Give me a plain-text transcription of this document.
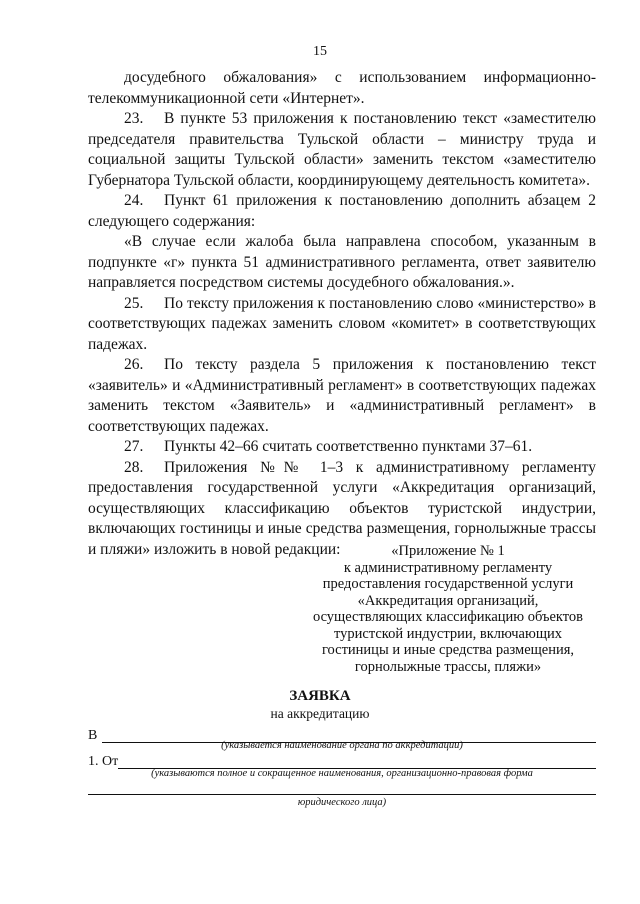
15

досудебного обжалования» с использованием информационно-телекоммуникационной сети «Интернет».

23. В пункте 53 приложения к постановлению текст «заместителю председателя правительства Тульской области – министру труда и социальной защиты Тульской области» заменить текстом «заместителю Губернатора Тульской области, координирующему деятельность комитета».

24. Пункт 61 приложения к постановлению дополнить абзацем 2 следующего содержания:

«В случае если жалоба была направлена способом, указанным в подпункте «г» пункта 51 административного регламента, ответ заявителю направляется посредством системы досудебного обжалования.».

25. По тексту приложения к постановлению слово «министерство» в соответствующих падежах заменить словом «комитет» в соответствующих падежах.

26. По тексту раздела 5 приложения к постановлению текст «заявитель» и «Административный регламент» в соответствующих падежах заменить текстом «Заявитель» и «административный регламент» в соответствующих падежах.

27. Пункты 42–66 считать соответственно пунктами 37–61.

28. Приложения №№ 1–3 к административному регламенту предоставления государственной услуги «Аккредитация организаций, осуществляющих классификацию объектов туристской индустрии, включающих гостиницы и иные средства размещения, горнолыжные трассы и пляжи» изложить в новой редакции:	«Приложение № 1
к административному регламенту
предоставления государственной услуги
«Аккредитация организаций,
осуществляющих классификацию объектов
туристской индустрии, включающих
гостиницы и иные средства размещения,
горнолыжные трассы, пляжи»
ЗАЯВКА
на аккредитацию
В
(указывается наименование органа по аккредитации)
1. От
(указываются полное и сокращенное наименования, организационно-правовая форма
юридического лица)
